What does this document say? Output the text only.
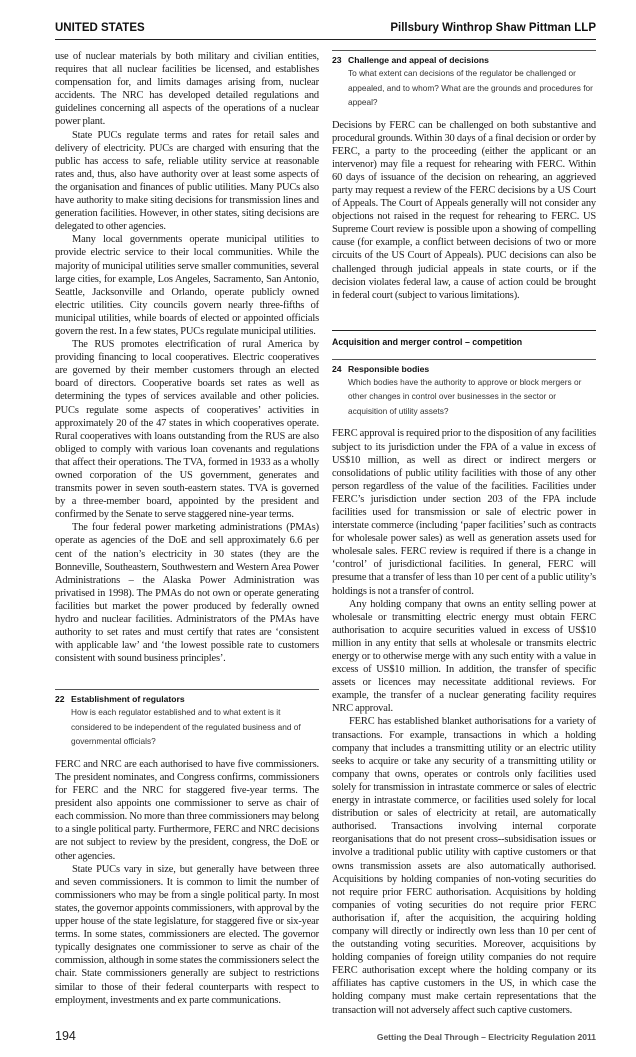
UNITED STATES	Pillsbury Winthrop Shaw Pittman LLP

use of nuclear materials by both military and civilian entities, requires that all nuclear facilities be licensed, and establishes compensation for, and limits damages arising from, nuclear accidents. The NRC has developed detailed regulations and guidelines concerning all aspects of the operations of a nuclear power plant.

State PUCs regulate terms and rates for retail sales and delivery of electricity. PUCs are charged with ensuring that the public has access to safe, reliable utility service at reasonable rates and, thus, also have authority over at least some aspects of the organisation and finances of public utilities. Many PUCs also have authority to make siting decisions for transmission lines and generation facilities. However, in other states, siting decisions are delegated to other agencies.

Many local governments operate municipal utilities to provide electric service to their local communities. While the majority of municipal utilities serve smaller communities, several large cities, for example, Los Angeles, Sacramento, San Antonio, Seattle, Jacksonville and Orlando, operate publicly owned electric utilities. City councils govern nearly three-fifths of municipal utilities, while boards of elected or appointed officials govern the rest. In a few states, PUCs regulate municipal utilities.

The RUS promotes electrification of rural America by providing financing to local cooperatives. Electric cooperatives are governed by their member customers through an elected board of directors. Cooperative boards set rates as well as determining the types of services available and other policies. PUCs regulate some aspects of cooperatives’ activities in approximately 20 of the 47 states in which cooperatives operate. Rural cooperatives with loans outstanding from the RUS are also obliged to comply with various loan covenants and regulations that affect their operations. The TVA, formed in 1933 as a wholly owned corporation of the US government, generates and transmits power in seven south-eastern states. TVA is governed by a three-member board, appointed by the president and confirmed by the Senate to serve staggered nine-year terms.

The four federal power marketing administrations (PMAs) operate as agencies of the DoE and sell approximately 6.6 per cent of the nation’s electricity in 30 states (they are the Bonneville, Southeastern, Southwestern and Western Area Power Administrations – the Alaska Power Administration was privatised in 1998). The PMAs do not own or operate generating facilities but market the power produced by federally owned hydro and nuclear facilities. Administrators of the PMAs have authority to set rates and must certify that rates are ‘consistent with applicable law’ and ‘the lowest possible rate to customers consistent with sound business principles’.

22 Establishment of regulators
How is each regulator established and to what extent is it considered to be independent of the regulated business and of governmental officials?

FERC and NRC are each authorised to have five commissioners. The president nominates, and Congress confirms, commissioners for FERC and the NRC for staggered five-year terms. The president also appoints one commissioner to serve as chair of each commission. No more than three commissioners may belong to a single political party. Furthermore, FERC and NRC decisions are not subject to review by the president, congress, the DoE or other agencies.

State PUCs vary in size, but generally have between three and seven commissioners. It is common to limit the number of commissioners who may be from a single political party. In most states, the governor appoints commissioners, with approval by the upper house of the state legislature, for staggered five or six-year terms. In some states, commissioners are elected. The governor typically designates one commissioner to serve as chair of the commission, although in some states the commissioners select the chair. State commissioners generally are subject to restrictions similar to those of their federal counterparts with respect to employment, investments and ex parte communications.

23 Challenge and appeal of decisions
To what extent can decisions of the regulator be challenged or appealed, and to whom? What are the grounds and procedures for appeal?

Decisions by FERC can be challenged on both substantive and procedural grounds. Within 30 days of a final decision or order by FERC, a party to the proceeding (either the applicant or an intervenor) may file a request for rehearing with FERC. Within 60 days of issuance of the decision on rehearing, an aggrieved party may request a review of the FERC decisions by a US Court of Appeals. The Court of Appeals generally will not consider any objections not raised in the request for rehearing to FERC. US Supreme Court review is possible upon a showing of compelling cause (for example, a conflict between decisions of two or more circuits of the US Court of Appeals). PUC decisions can also be challenged through judicial appeals in state courts, or if the decision violates federal law, a cause of action could be brought in federal court (subject to various limitations).

Acquisition and merger control – competition
24 Responsible bodies
Which bodies have the authority to approve or block mergers or other changes in control over businesses in the sector or acquisition of utility assets?

FERC approval is required prior to the disposition of any facilities subject to its jurisdiction under the FPA of a value in excess of US$10 million, as well as direct or indirect mergers or consolidations of public utility facilities with those of any other person regardless of the value of the facilities. Facilities under FERC’s jurisdiction under section 203 of the FPA include facilities used for transmission or sale of electric power in interstate commerce (including ‘paper facilities’ such as contracts for wholesale power sales) as well as generation assets used for wholesale sales. FERC review is required if there is a change in ‘control’ of jurisdictional facilities. In general, FERC will presume that a transfer of less than 10 per cent of a public utility’s holdings is not a transfer of control.

Any holding company that owns an entity selling power at wholesale or transmitting electric energy must obtain FERC authorisation to acquire securities valued in excess of US$10 million in any entity that sells at wholesale or transmits electric energy or to otherwise merge with any such entity with a value in excess of US$10 million. In addition, the transfer of specific assets or licences may necessitate additional reviews. For example, the transfer of a nuclear generating facility requires NRC approval.

FERC has established blanket authorisations for a variety of transactions. For example, transactions in which a holding company that includes a transmitting utility or an electric utility seeks to acquire or take any security of a transmitting utility or company that owns, operates or controls only facilities used solely for transmission in intrastate commerce or sales of electric energy in intrastate commerce, or facilities used solely for local distribution or sales of electricity at retail, are automatically authorised. Transactions involving internal corporate reorganisations that do not present cross--subsidisation issues or involve a traditional public utility with captive customers or that owns transmission assets are also automatically authorised. Acquisitions by holding companies of non-voting securities do not require prior FERC authorisation. Acquisitions by holding companies of voting securities do not require prior FERC authorisation if, after the acquisition, the acquiring holding company will directly or indirectly own less than 10 per cent of the outstanding voting securities. Moreover, acquisitions by holding companies of foreign utility companies do not require FERC authorisation except where the holding company or its affiliates has captive customers in the US, in which case the holding company must make certain representations that the transaction will not adversely affect such captive customers.

194	Getting the Deal Through – Electricity Regulation 2011
